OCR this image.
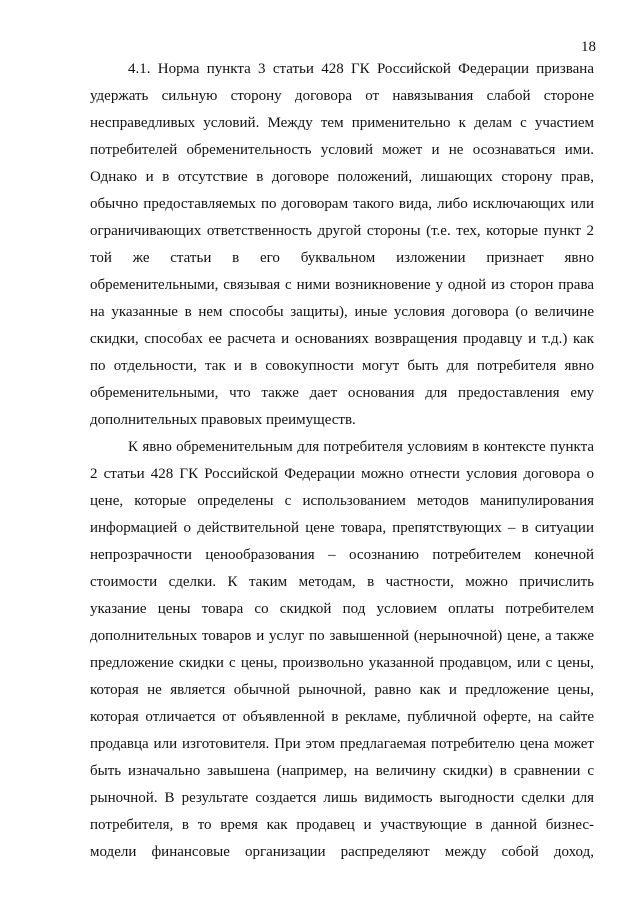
18
4.1. Норма пункта 3 статьи 428 ГК Российской Федерации призвана
удержать сильную сторону договора от навязывания слабой стороне
несправедливых условий. Между тем применительно к делам с участием
потребителей обременительность условий может и не осознаваться ими.
Однако и в отсутствие в договоре положений, лишающих сторону прав,
обычно предоставляемых по договорам такого вида, либо исключающих или
ограничивающих ответственность другой стороны (т.е. тех, которые пункт 2
той же статьи в его буквальном изложении признает явно
обременительными, связывая с ними возникновение у одной из сторон права
на указанные в нем способы защиты), иные условия договора (о величине
скидки, способах ее расчета и основаниях возвращения продавцу и т.д.) как
по отдельности, так и в совокупности могут быть для потребителя явно
обременительными, что также дает основания для предоставления ему
дополнительных правовых преимуществ.
К явно обременительным для потребителя условиям в контексте пункта
2 статьи 428 ГК Российской Федерации можно отнести условия договора о
цене, которые определены с использованием методов манипулирования
информацией о действительной цене товара, препятствующих – в ситуации
непрозрачности ценообразования – осознанию потребителем конечной
стоимости сделки. К таким методам, в частности, можно причислить
указание цены товара со скидкой под условием оплаты потребителем
дополнительных товаров и услуг по завышенной (нерыночной) цене, а также
предложение скидки с цены, произвольно указанной продавцом, или с цены,
которая не является обычной рыночной, равно как и предложение цены,
которая отличается от объявленной в рекламе, публичной оферте, на сайте
продавца или изготовителя. При этом предлагаемая потребителю цена может
быть изначально завышена (например, на величину скидки) в сравнении с
рыночной. В результате создается лишь видимость выгодности сделки для
потребителя, в то время как продавец и участвующие в данной бизнес-
модели финансовые организации распределяют между собой доход,
